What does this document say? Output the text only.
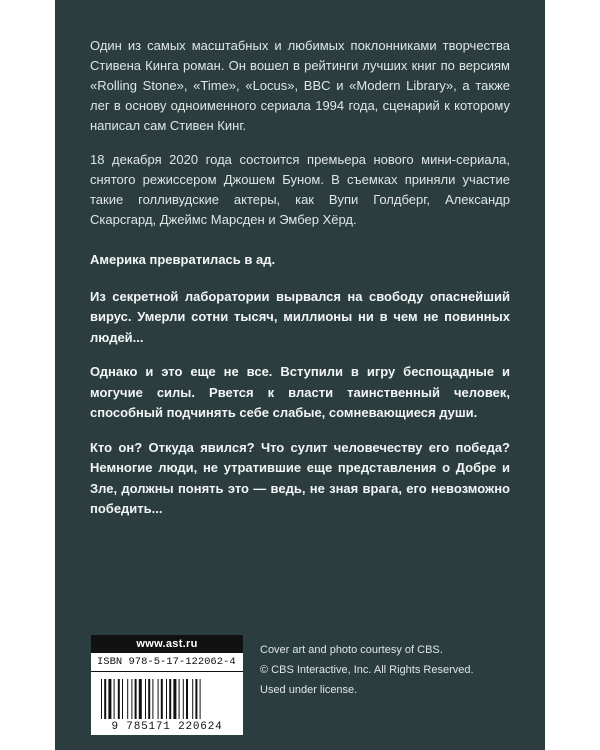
Один из самых масштабных и любимых поклонниками творчества Стивена Кинга роман. Он вошел в рейтинги лучших книг по версиям «Rolling Stone», «Time», «Locus», BBC и «Modern Library», а также лег в основу одноименного сериала 1994 года, сценарий к которому написал сам Стивен Кинг.

18 декабря 2020 года состоится премьера нового мини-сериала, снятого режиссером Джошем Буном. В съемках приняли участие такие голливудские актеры, как Вупи Голдберг, Александр Скарсгард, Джеймс Марсден и Эмбер Хёрд.

Америка превратилась в ад.

Из секретной лаборатории вырвался на свободу опаснейший вирус. Умерли сотни тысяч, миллионы ни в чем не повинных людей...

Однако и это еще не все. Вступили в игру беспощадные и могучие силы. Рвется к власти таинственный человек, способный подчинять себе слабые, сомневающиеся души.

Кто он? Откуда явился? Что сулит человечеству его победа? Немногие люди, не утратившие еще представления о Добре и Зле, должны понять это — ведь, не зная врага, его невозможно победить...

www.ast.ru
ISBN 978-5-17-122062-4
9 785171 220624
Cover art and photo courtesy of CBS.
© CBS Interactive, Inc. All Rights Reserved.
Used under license.
